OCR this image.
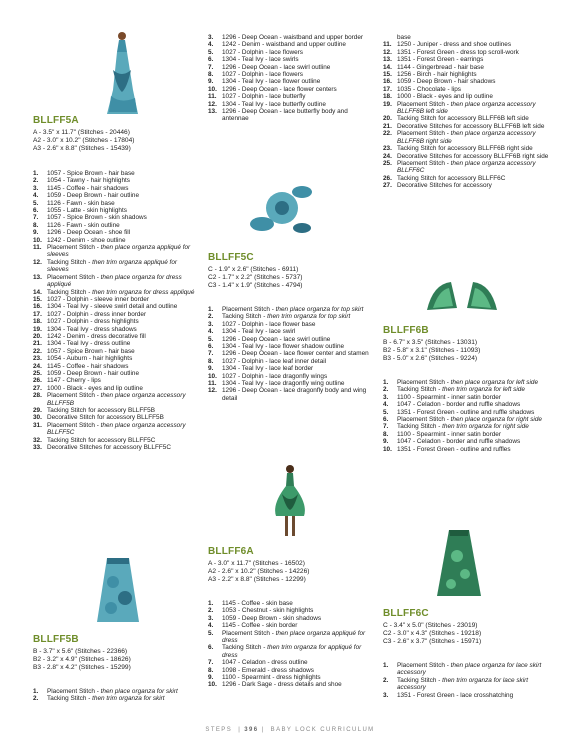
BLLFF5A
A - 3.5" x 11.7" (Stitches - 20446)
A2 - 3.0" x 10.2" (Stitches - 17804)
A3 - 2.6" x 8.8" (Stitches - 15439)
1.	1057 - Spice Brown - hair base
2.	1054 - Tawny - hair highlights
3.	1145 - Coffee - hair shadows
4.	1059 - Deep Brown - hair outline
5.	1126 - Fawn - skin base
6.	1055 - Latte - skin highlights
7.	1057 - Spice Brown - skin shadows
8.	1126 - Fawn - skin outline
9.	1296 - Deep Ocean - shoe fill
10. 1242 - Denim - shoe outline
11. Placement Stitch - then place organza appliqué for sleeves
12. Tacking Stitch - then trim organza appliqué for sleeves
13. Placement Stitch - then place organza for dress appliqué
14. Tacking Stitch - then trim organza for dress appliqué
15. 1027 - Dolphin - sleeve inner border
16. 1304 - Teal Ivy - sleeve swirl detail and outline
17. 1027 - Dolphin - dress inner border
18. 1027 - Dolphin - dress highlights
19. 1304 - Teal Ivy - dress shadows
20. 1242 - Denim - dress decorative fill
21. 1304 - Teal Ivy - dress outline
22. 1057 - Spice Brown - hair base
23. 1054 - Auburn - hair highlights
24. 1145 - Coffee - hair shadows
25. 1059 - Deep Brown - hair outline
26. 1147 - Cherry - lips
27. 1000 - Black - eyes and lip outline
28. Placement Stitch - then place organza accessory BLLFF5B
29. Tacking Stitch for accessory BLLFF5B
30. Decorative Stitch for accessory BLLFF5B
31. Placement Stitch - then place organza accessory BLLFF5C
32. Tacking Stitch for accessory BLLFF5C
33. Decorative Stitches for accessory BLLFF5C
BLLFF5B
B - 3.7" x 5.6" (Stitches - 22366)
B2 - 3.2" x 4.9" (Stitches - 18626)
B3 - 2.8" x 4.2" (Stitches - 15299)
1.	Placement Stitch - then place organza for skirt
2.	Tacking Stitch - then trim organza for skirt
3.	1296 - Deep Ocean - waistband and upper border
4.	1242 - Denim - waistband and upper outline
5.	1027 - Dolphin - lace flowers
6.	1304 - Teal Ivy - lace swirls
7.	1296 - Deep Ocean - lace swirl outline
8.	1027 - Dolphin - lace flowers
9.	1304 - Teal Ivy - lace flower outline
10. 1296 - Deep Ocean - lace flower centers
11. 1027 - Dolphin - lace butterfly
12. 1304 - Teal Ivy - lace butterfly outline
13. 1296 - Deep Ocean - lace butterfly body and antennae
BLLFF5C
C - 1.9" x 2.6" (Stitches - 6911)
C2 - 1.7" x 2.2" (Stitches - 5737)
C3 - 1.4" x 1.9" (Stitches - 4794)
1.	Placement Stitch - then place organza for top skirt
2.	Tacking Stitch - then trim organza for top skirt
3.	1027 - Dolphin - lace flower base
4.	1304 - Teal Ivy - lace swirl
5.	1296 - Deep Ocean - lace swirl outline
6.	1304 - Teal Ivy - lace flower shadow outline
7.	1296 - Deep Ocean - lace flower center and stamen
8.	1027 - Dolphin - lace leaf inner detail
9.	1304 - Teal Ivy - lace leaf border
10. 1027 - Dolphin - lace dragonfly wings
11. 1304 - Teal Ivy - lace dragonfly wing outline
12. 1296 - Deep Ocean - lace dragonfly body and wing detail
BLLFF6A
A - 3.0" x 11.7" (Stitches - 16502)
A2 - 2.6" x 10.2" (Stitches - 14226)
A3 - 2.2" x 8.8" (Stitches - 12299)
1.	1145 - Coffee - skin base
2.	1053 - Chestnut - skin highlights
3.	1059 - Deep Brown - skin shadows
4.	1145 - Coffee - skin border
5.	Placement Stitch - then place organza appliqué for dress
6.	Tacking Stitch - then trim organza for appliqué for dress
7.	1047 - Celadon - dress outline
8.	1098 - Emerald - dress shadows
9.	1100 - Spearmint - dress highlights
10. 1296 - Dark Sage - dress details and shoe
base
11. 1250 - Juniper - dress and shoe outlines
12. 1351 - Forest Green - dress top scroll-work
13. 1351 - Forest Green - earrings
14. 1144 - Gingerbread - hair base
15. 1256 - Birch - hair highlights
16. 1059 - Deep Brown - hair shadows
17. 1035 - Chocolate - lips
18. 1000 - Black - eyes and lip outline
19. Placement Stitch - then place organza accessory BLLFF6B left side
20. Tacking Stitch for accessory BLLFF6B left side
21. Decorative Stitches for accessory BLLFF6B left side
22. Placement Stitch - then place organza accessory BLLFF6B right side
23. Tacking Stitch for accessory BLLFF6B right side
24. Decorative Stitches for accessory BLLFF6B right side
25. Placement Stitch - then place organza accessory BLLFF6C
26. Tacking Stitch for accessory BLLFF6C
27. Decorative Stitches for accessory
BLLFF6B
B - 6.7" x 3.5" (Stitches - 13031)
B2 - 5.8" x 3.1" (Stitches - 11093)
B3 - 5.0" x 2.6" (Stitches - 9224)
1.	Placement Stitch - then place organza for left side
2.	Tacking Stitch - then trim organza for left side
3.	1100 - Spearmint - inner satin border
4.	1047 - Celadon - border and ruffle shadows
5.	1351 - Forest Green - outline and ruffle shadows
6.	Placement Stitch - then place organza for right side
7.	Tacking Stitch - then trim organza for right side
8.	1100 - Spearmint - inner satin border
9.	1047 - Celadon - border and ruffle shadows
10. 1351 - Forest Green - outline and ruffles
BLLFF6C
C - 3.4" x 5.0" (Stitches - 23019)
C2 - 3.0" x 4.3" (Stitches - 19218)
C3 - 2.6" x 3.7" (Stitches - 15971)
1.	Placement Stitch - then place organza for lace skirt accessory
2.	Tacking Stitch - then trim organza for lace skirt accessory
3.	1351 - Forest Green - lace crosshatching
STEPS  | 396 |  BABY LOCK CURRICULUM
